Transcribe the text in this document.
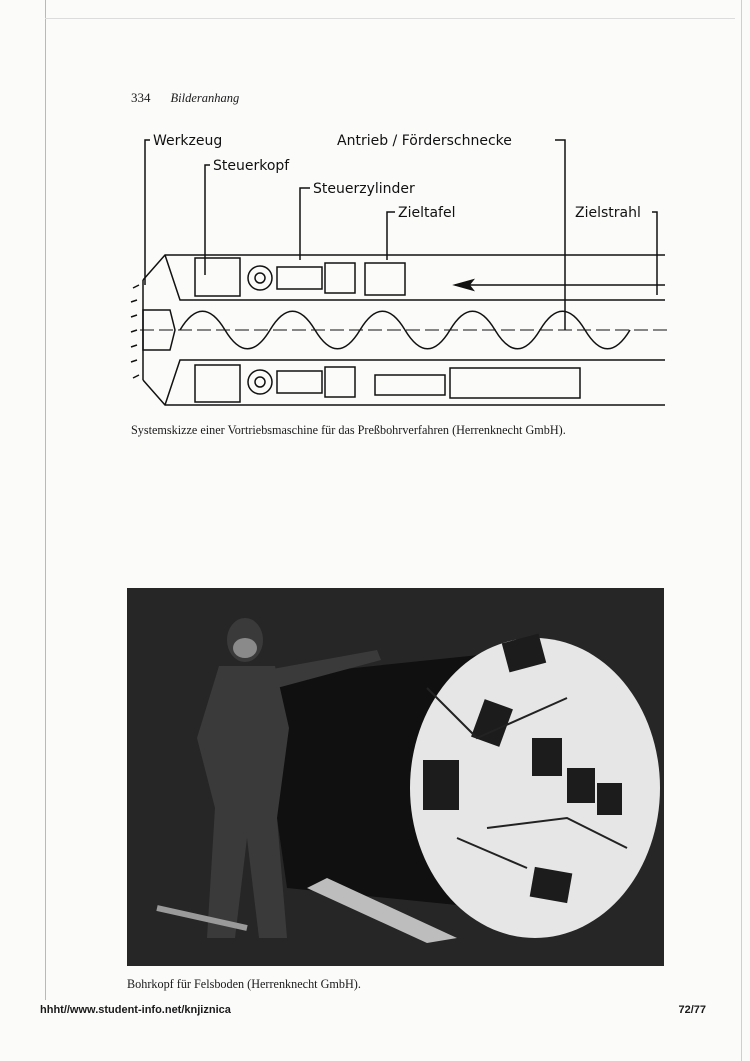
334 Bilderanhang
Werkzeug
Steuerkopf
Steuerzylinder
Zieltafel
Antrieb / Förderschnecke
Zielstrahl
Systemskizze einer Vortriebsmaschine für das Preßbohrverfahren (Herrenknecht GmbH).
Bohrkopf für Felsboden (Herrenknecht GmbH).
hhht//www.student-info.net/knjiznica	72/77
